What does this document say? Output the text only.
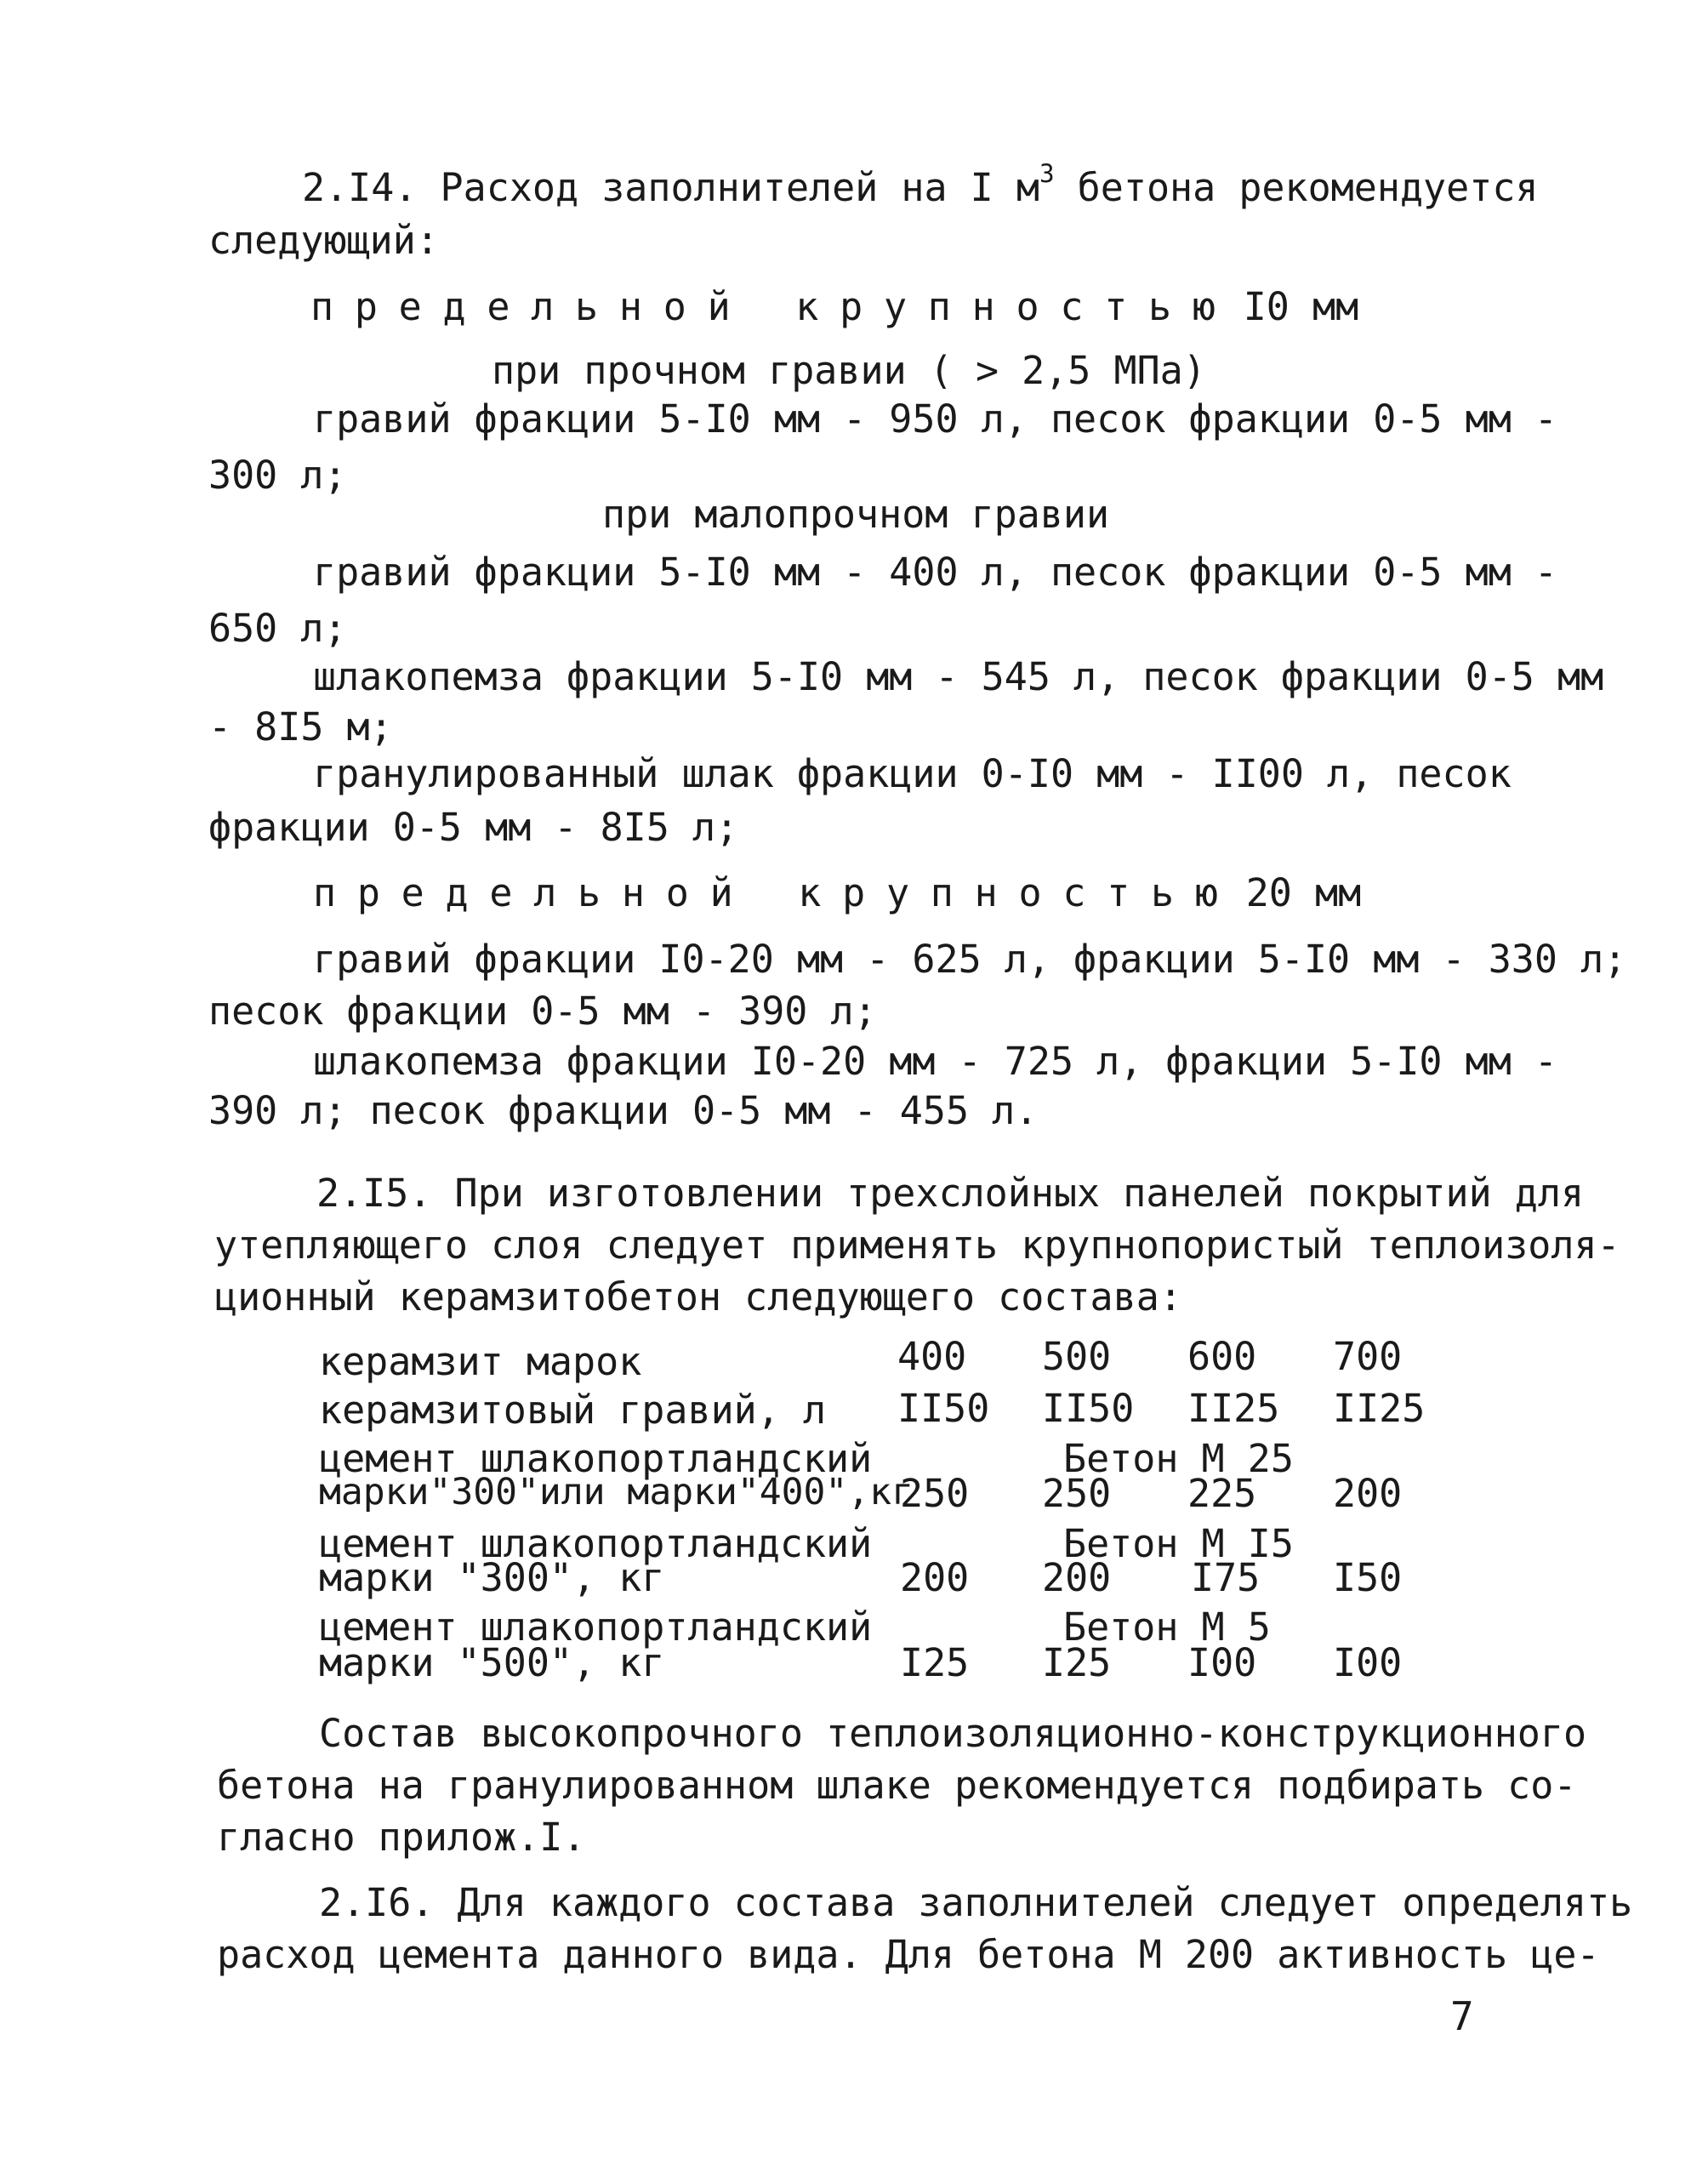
2.I4. Расход заполнителей на I $м^3$ бетона рекомендуется
следующий:
предельной крупностью I0 мм
при прочном гравии ( > 2,5 МПа)
гравий фракции 5-I0 мм - 950 л, песок фракции 0-5 мм -
300 л;
при малопрочном гравии
гравий фракции 5-I0 мм - 400 л, песок фракции 0-5 мм -
650 л;
шлакопемза фракции 5-I0 мм - 545 л, песок фракции 0-5 мм
- 8I5 м;
гранулированный шлак фракции 0-I0 мм - II00 л, песок
фракции 0-5 мм - 8I5 л;
предельной крупностью 20 мм
гравий фракции I0-20 мм - 625 л, фракции 5-I0 мм - 330 л;
песок фракции 0-5 мм - 390 л;
шлакопемза фракции I0-20 мм - 725 л, фракции 5-I0 мм -
390 л; песок фракции 0-5 мм - 455 л.
2.I5. При изготовлении трехслойных панелей покрытий для
утепляющего слоя следует применять крупнопористый теплоизоля-
ционный керамзитобетон следующего состава:
керамзит марок	400 500 600 700
керамзитовый гравий, л II50 II50 II25 II25
цемент шлакопортландский
марки"300"или марки"400",кг
Бетон М 25
250 250 225 200
цемент шлакопортландский
марки "300", кг
Бетон М I5
200 200 I75 I50
цемент шлакопортландский
марки "500", кг
Бетон М 5
I25 I25 I00 I00
Состав высокопрочного теплоизоляционно-конструкционного
бетона на гранулированном шлаке рекомендуется подбирать со-
гласно прилож.I.
2.I6. Для каждого состава заполнителей следует определять
расход цемента данного вида. Для бетона М 200 активность це-
7
